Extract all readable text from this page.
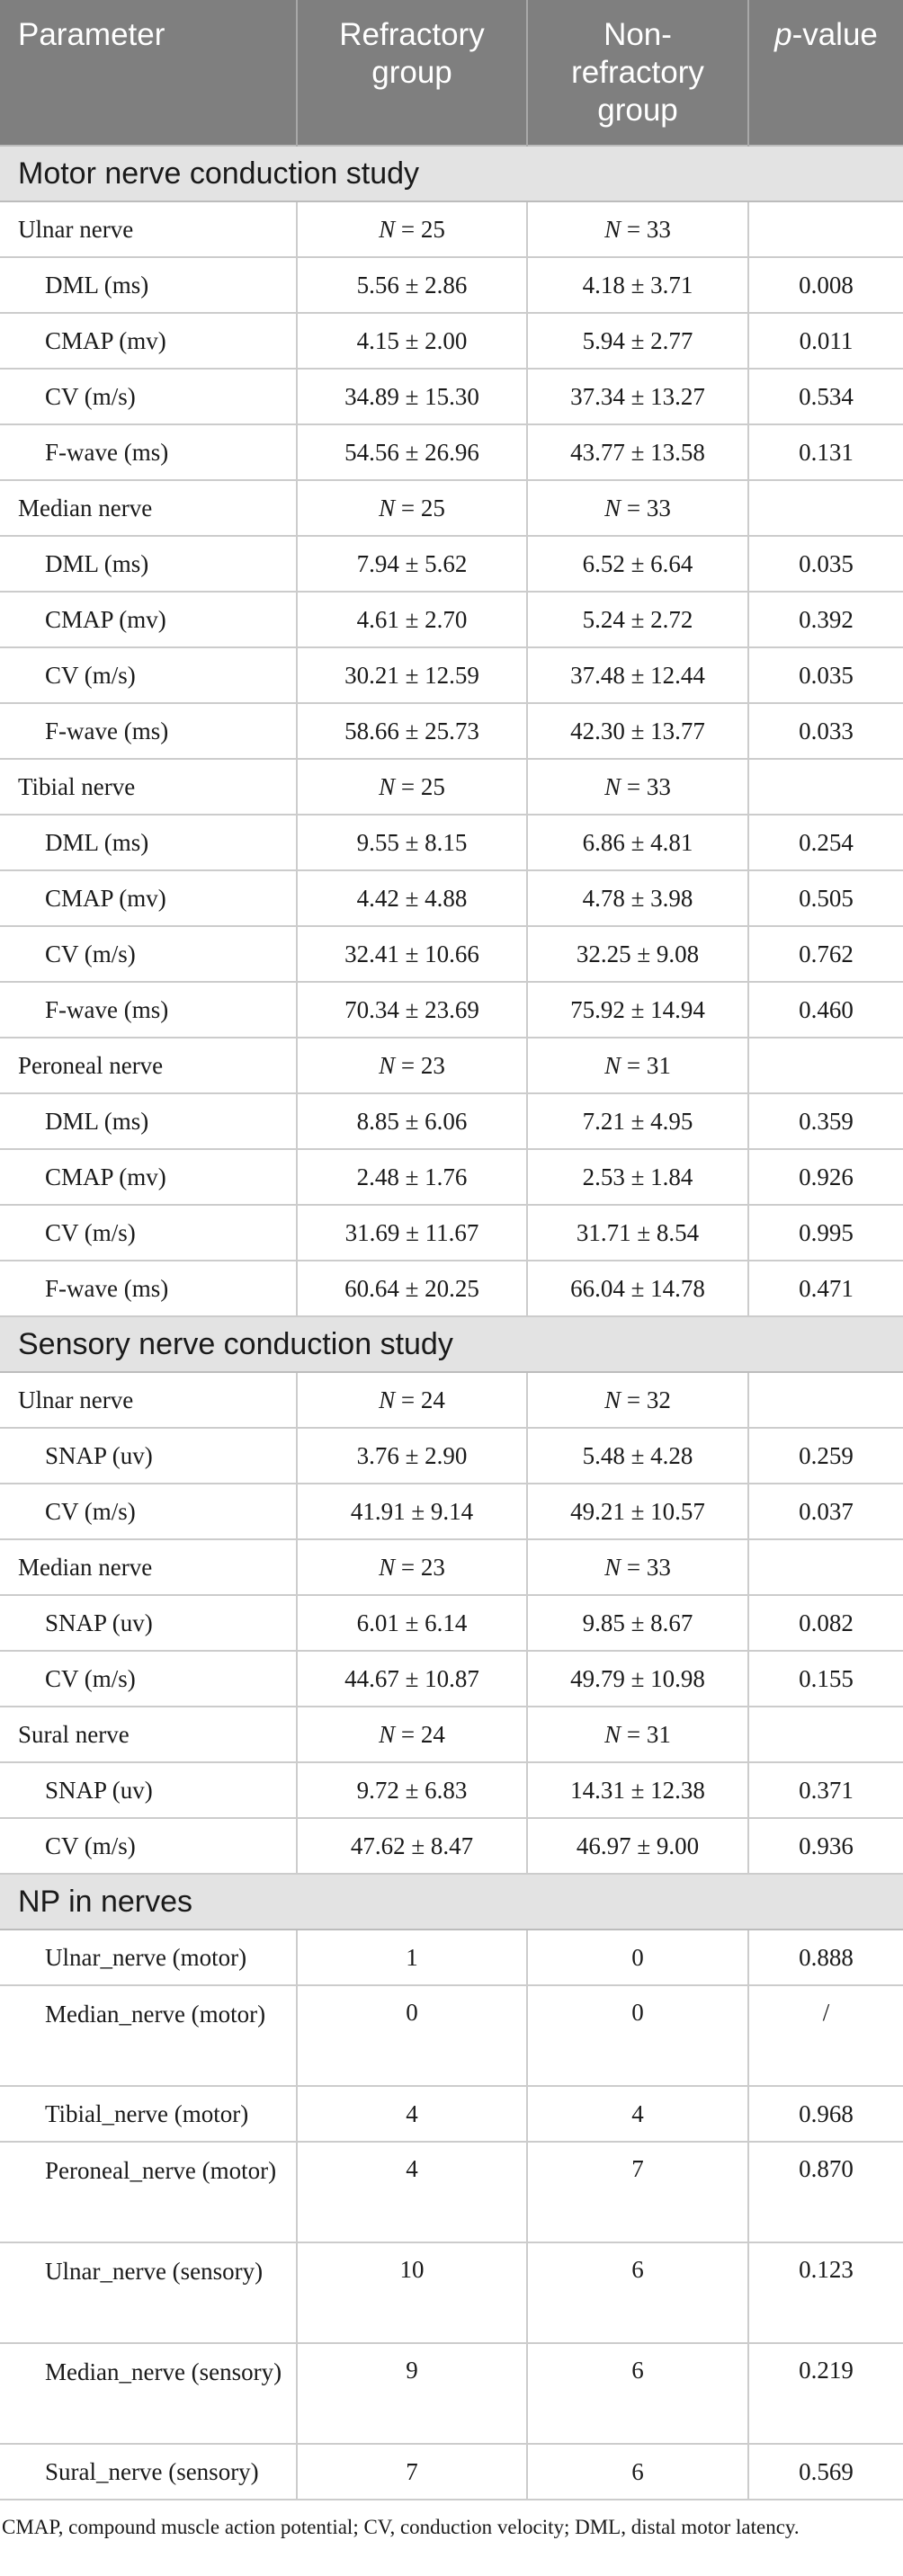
Parameter	Refractory group	Non-refractory group	p-value
Motor nerve conduction study			
Ulnar nerve	N = 25	N = 33	
DML (ms)	5.56 ± 2.86	4.18 ± 3.71	0.008
CMAP (mv)	4.15 ± 2.00	5.94 ± 2.77	0.011
CV (m/s)	34.89 ± 15.30	37.34 ± 13.27	0.534
F-wave (ms)	54.56 ± 26.96	43.77 ± 13.58	0.131
Median nerve	N = 25	N = 33	
DML (ms)	7.94 ± 5.62	6.52 ± 6.64	0.035
CMAP (mv)	4.61 ± 2.70	5.24 ± 2.72	0.392
CV (m/s)	30.21 ± 12.59	37.48 ± 12.44	0.035
F-wave (ms)	58.66 ± 25.73	42.30 ± 13.77	0.033
Tibial nerve	N = 25	N = 33	
DML (ms)	9.55 ± 8.15	6.86 ± 4.81	0.254
CMAP (mv)	4.42 ± 4.88	4.78 ± 3.98	0.505
CV (m/s)	32.41 ± 10.66	32.25 ± 9.08	0.762
F-wave (ms)	70.34 ± 23.69	75.92 ± 14.94	0.460
Peroneal nerve	N = 23	N = 31	
DML (ms)	8.85 ± 6.06	7.21 ± 4.95	0.359
CMAP (mv)	2.48 ± 1.76	2.53 ± 1.84	0.926
CV (m/s)	31.69 ± 11.67	31.71 ± 8.54	0.995
F-wave (ms)	60.64 ± 20.25	66.04 ± 14.78	0.471
Sensory nerve conduction study			
Ulnar nerve	N = 24	N = 32	
SNAP (uv)	3.76 ± 2.90	5.48 ± 4.28	0.259
CV (m/s)	41.91 ± 9.14	49.21 ± 10.57	0.037
Median nerve	N = 23	N = 33	
SNAP (uv)	6.01 ± 6.14	9.85 ± 8.67	0.082
CV (m/s)	44.67 ± 10.87	49.79 ± 10.98	0.155
Sural nerve	N = 24	N = 31	
SNAP (uv)	9.72 ± 6.83	14.31 ± 12.38	0.371
CV (m/s)	47.62 ± 8.47	46.97 ± 9.00	0.936
NP in nerves			
Ulnar_nerve (motor)	1	0	0.888
Median_nerve (motor)	0	0	/
Tibial_nerve (motor)	4	4	0.968
Peroneal_nerve (motor)	4	7	0.870
Ulnar_nerve (sensory)	10	6	0.123
Median_nerve (sensory)	9	6	0.219
Sural_nerve (sensory)	7	6	0.569
CMAP, compound muscle action potential; CV, conduction velocity; DML, distal motor latency.
